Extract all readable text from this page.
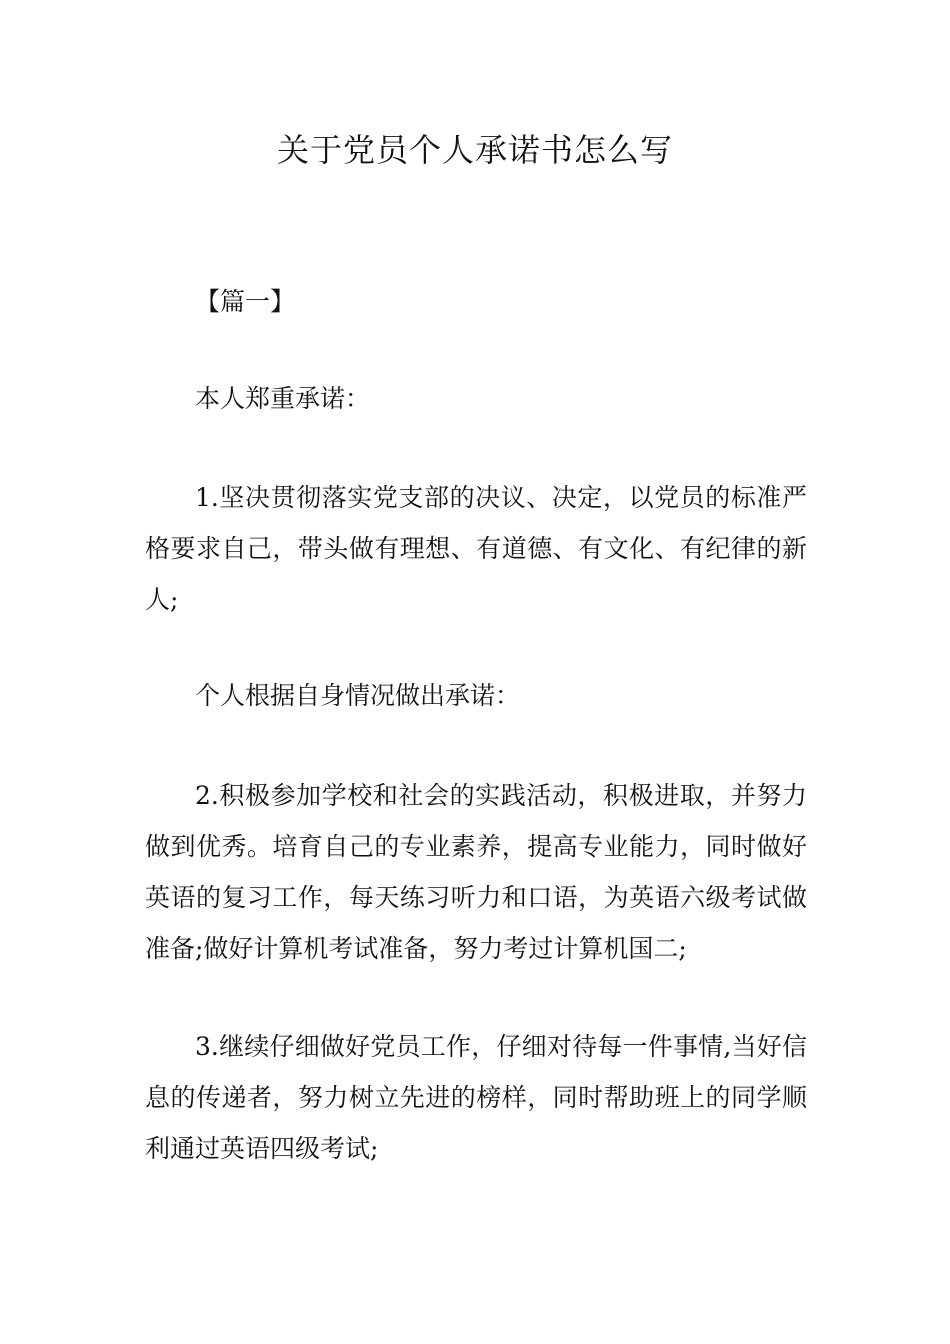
关于党员个人承诺书怎么写

【篇一】

本人郑重承诺：

1.坚决贯彻落实党支部的决议、决定，以党员的标准严格要求自己，带头做有理想、有道德、有文化、有纪律的新人;

个人根据自身情况做出承诺：

2.积极参加学校和社会的实践活动，积极进取，并努力做到优秀。培育自己的专业素养，提高专业能力，同时做好英语的复习工作，每天练习听力和口语，为英语六级考试做准备;做好计算机考试准备，努力考过计算机国二;

3.继续仔细做好党员工作，仔细对待每一件事情,当好信息的传递者，努力树立先进的榜样，同时帮助班上的同学顺利通过英语四级考试;
